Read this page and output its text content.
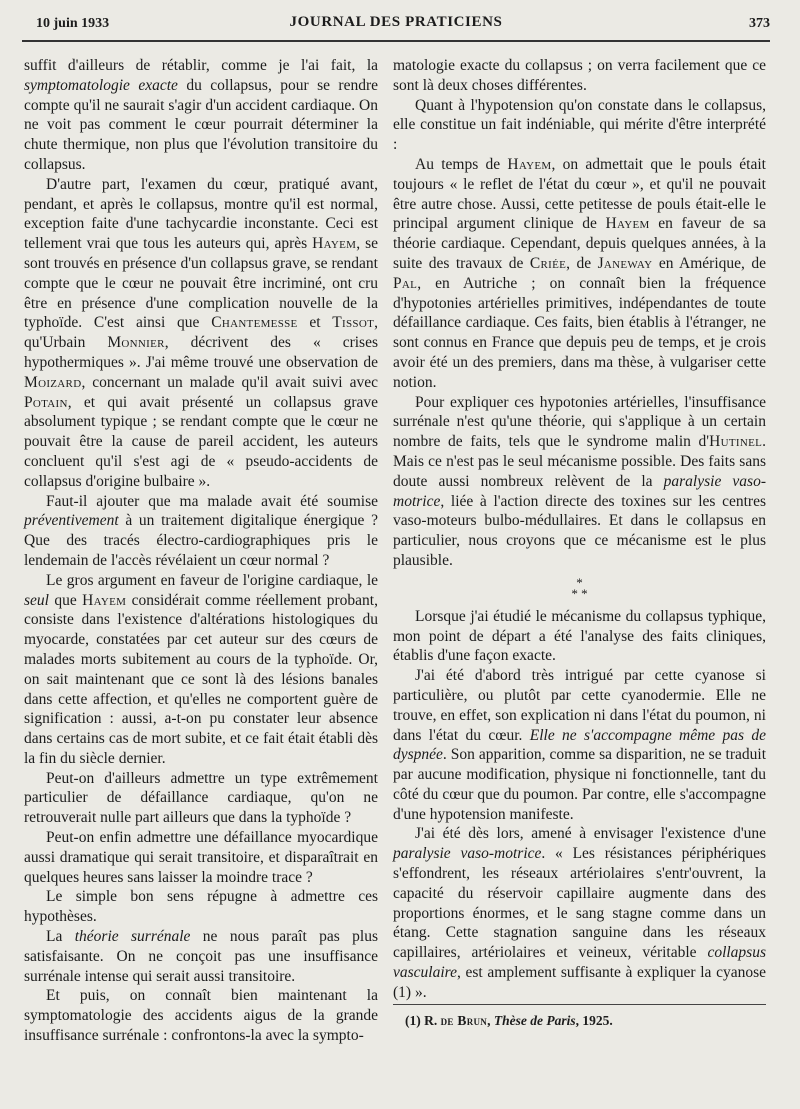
10 juin 1933	JOURNAL DES PRATICIENS	373

suffit d'ailleurs de rétablir, comme je l'ai fait, la symptomatologie exacte du collapsus, pour se rendre compte qu'il ne saurait s'agir d'un accident cardiaque. On ne voit pas comment le cœur pourrait déterminer la chute thermique, non plus que l'évolution transitoire du collapsus.

D'autre part, l'examen du cœur, pratiqué avant, pendant, et après le collapsus, montre qu'il est normal, exception faite d'une tachycardie inconstante. Ceci est tellement vrai que tous les auteurs qui, après Hayem, se sont trouvés en présence d'un collapsus grave, se rendant compte que le cœur ne pouvait être incriminé, ont cru être en présence d'une complication nouvelle de la typhoïde. C'est ainsi que Chantemesse et Tissot, qu'Urbain Monnier, décrivent des « crises hypothermiques ». J'ai même trouvé une observation de Moizard, concernant un malade qu'il avait suivi avec Potain, et qui avait présenté un collapsus grave absolument typique ; se rendant compte que le cœur ne pouvait être la cause de pareil accident, les auteurs concluent qu'il s'est agi de « pseudo-accidents de collapsus d'origine bulbaire ».

Faut-il ajouter que ma malade avait été soumise préventivement à un traitement digitalique énergique ? Que des tracés électro-cardiographiques pris le lendemain de l'accès révélaient un cœur normal ?

Le gros argument en faveur de l'origine cardiaque, le seul que Hayem considérait comme réellement probant, consiste dans l'existence d'altérations histologiques du myocarde, constatées par cet auteur sur des cœurs de malades morts subitement au cours de la typhoïde. Or, on sait maintenant que ce sont là des lésions banales dans cette affection, et qu'elles ne comportent guère de signification : aussi, a-t-on pu constater leur absence dans certains cas de mort subite, et ce fait était établi dès la fin du siècle dernier.

Peut-on d'ailleurs admettre un type extrêmement particulier de défaillance cardiaque, qu'on ne retrouverait nulle part ailleurs que dans la typhoïde ?

Peut-on enfin admettre une défaillance myocardique aussi dramatique qui serait transitoire, et disparaîtrait en quelques heures sans laisser la moindre trace ?

Le simple bon sens répugne à admettre ces hypothèses.

La théorie surrénale ne nous paraît pas plus satisfaisante. On ne conçoit pas une insuffisance surrénale intense qui serait aussi transitoire.

Et puis, on connaît bien maintenant la symptomatologie des accidents aigus de la grande insuffisance surrénale : confrontons-la avec la sympto-

matologie exacte du collapsus ; on verra facilement que ce sont là deux choses différentes.

Quant à l'hypotension qu'on constate dans le collapsus, elle constitue un fait indéniable, qui mérite d'être interprété :

Au temps de Hayem, on admettait que le pouls était toujours « le reflet de l'état du cœur », et qu'il ne pouvait être autre chose. Aussi, cette petitesse de pouls était-elle le principal argument clinique de Hayem en faveur de sa théorie cardiaque. Cependant, depuis quelques années, à la suite des travaux de Criée, de Janeway en Amérique, de Pal, en Autriche ; on connaît bien la fréquence d'hypotonies artérielles primitives, indépendantes de toute défaillance cardiaque. Ces faits, bien établis à l'étranger, ne sont connus en France que depuis peu de temps, et je crois avoir été un des premiers, dans ma thèse, à vulgariser cette notion.

Pour expliquer ces hypotonies artérielles, l'insuffisance surrénale n'est qu'une théorie, qui s'applique à un certain nombre de faits, tels que le syndrome malin d'Hutinel. Mais ce n'est pas le seul mécanisme possible. Des faits sans doute aussi nombreux relèvent de la paralysie vaso-motrice, liée à l'action directe des toxines sur les centres vaso-moteurs bulbo-médullaires. Et dans le collapsus en particulier, nous croyons que ce mécanisme est le plus plausible.

*
* *

Lorsque j'ai étudié le mécanisme du collapsus typhique, mon point de départ a été l'analyse des faits cliniques, établis d'une façon exacte.

J'ai été d'abord très intrigué par cette cyanose si particulière, ou plutôt par cette cyanodermie. Elle ne trouve, en effet, son explication ni dans l'état du poumon, ni dans l'état du cœur. Elle ne s'accompagne même pas de dyspnée. Son apparition, comme sa disparition, ne se traduit par aucune modification, physique ni fonctionnelle, tant du côté du cœur que du poumon. Par contre, elle s'accompagne d'une hypotension manifeste.

J'ai été dès lors, amené à envisager l'existence d'une paralysie vaso-motrice. « Les résistances périphériques s'effondrent, les réseaux artériolaires s'entr'ouvrent, la capacité du réservoir capillaire augmente dans des proportions énormes, et le sang stagne comme dans un étang. Cette stagnation sanguine dans les réseaux capillaires, artériolaires et veineux, véritable collapsus vasculaire, est amplement suffisante à expliquer la cyanose (1) ».

(1) R. de Brun, Thèse de Paris, 1925.
